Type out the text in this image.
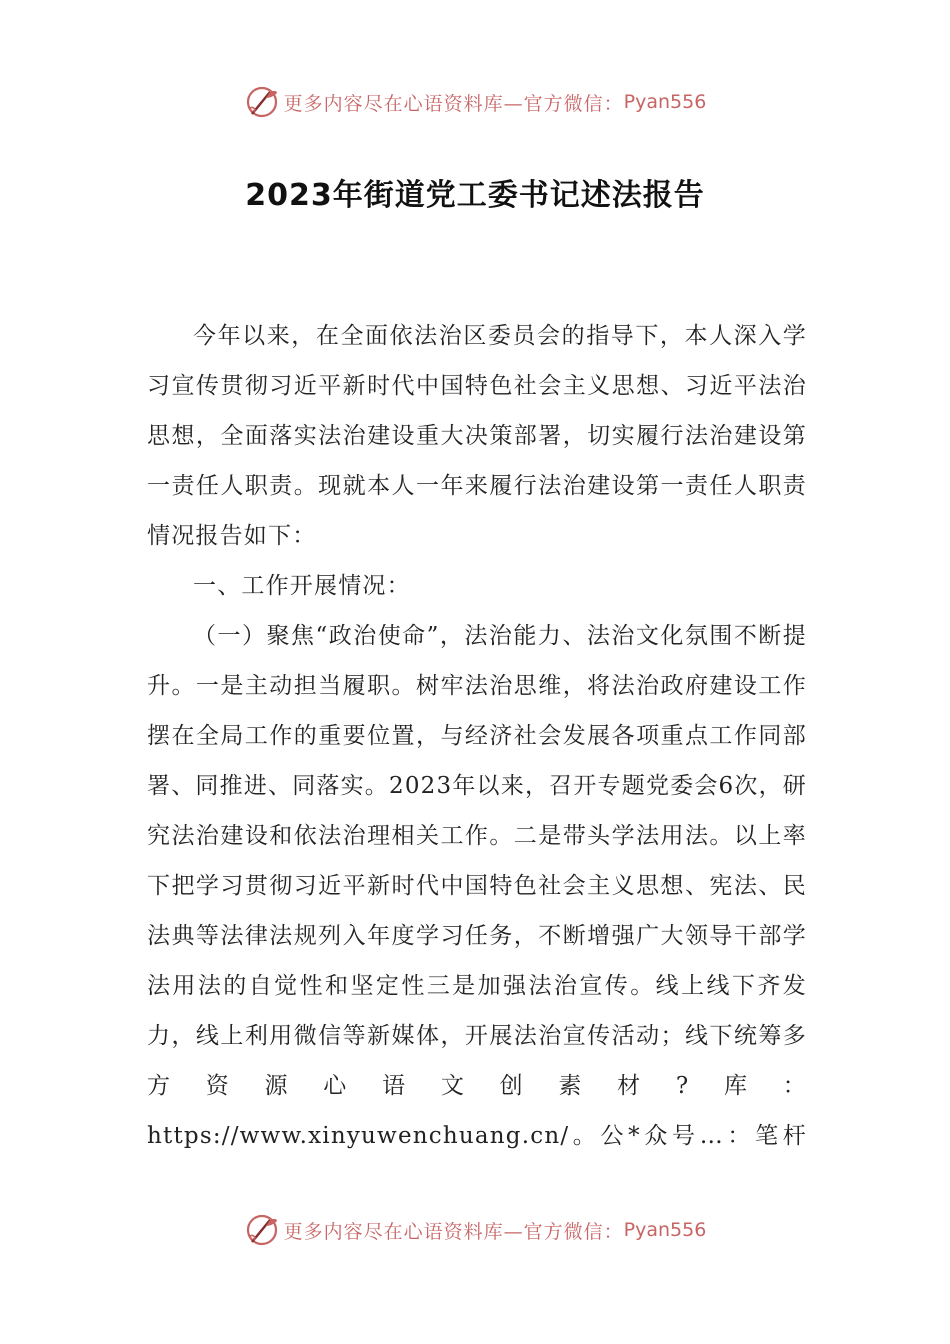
更多内容尽在心语资料库—官方微信： Pyan556
2023年街道党工委书记述法报告

今年以来，在全面依法治区委员会的指导下，本人深入学习宣传贯彻习近平新时代中国特色社会主义思想、习近平法治思想，全面落实法治建设重大决策部署，切实履行法治建设第一责任人职责。现就本人一年来履行法治建设第一责任人职责情况报告如下：

一、工作开展情况：

（一）聚焦“政治使命”，法治能力、法治文化氛围不断提升。一是主动担当履职。树牢法治思维，将法治政府建设工作摆在全局工作的重要位置，与经济社会发展各项重点工作同部署、同推进、同落实。2023年以来，召开专题党委会6次，研究法治建设和依法治理相关工作。二是带头学法用法。以上率下把学习贯彻习近平新时代中国特色社会主义思想、宪法、民法典等法律法规列入年度学习任务，不断增强广大领导干部学法用法的自觉性和坚定性三是加强法治宣传。线上线下齐发力，线上利用微信等新媒体，开展法治宣传活动；线下统筹多方资源心语文创素材?库：https://www.xinyuwenchuang.cn/。公*众号…：笔杆

更多内容尽在心语资料库—官方微信： Pyan556
